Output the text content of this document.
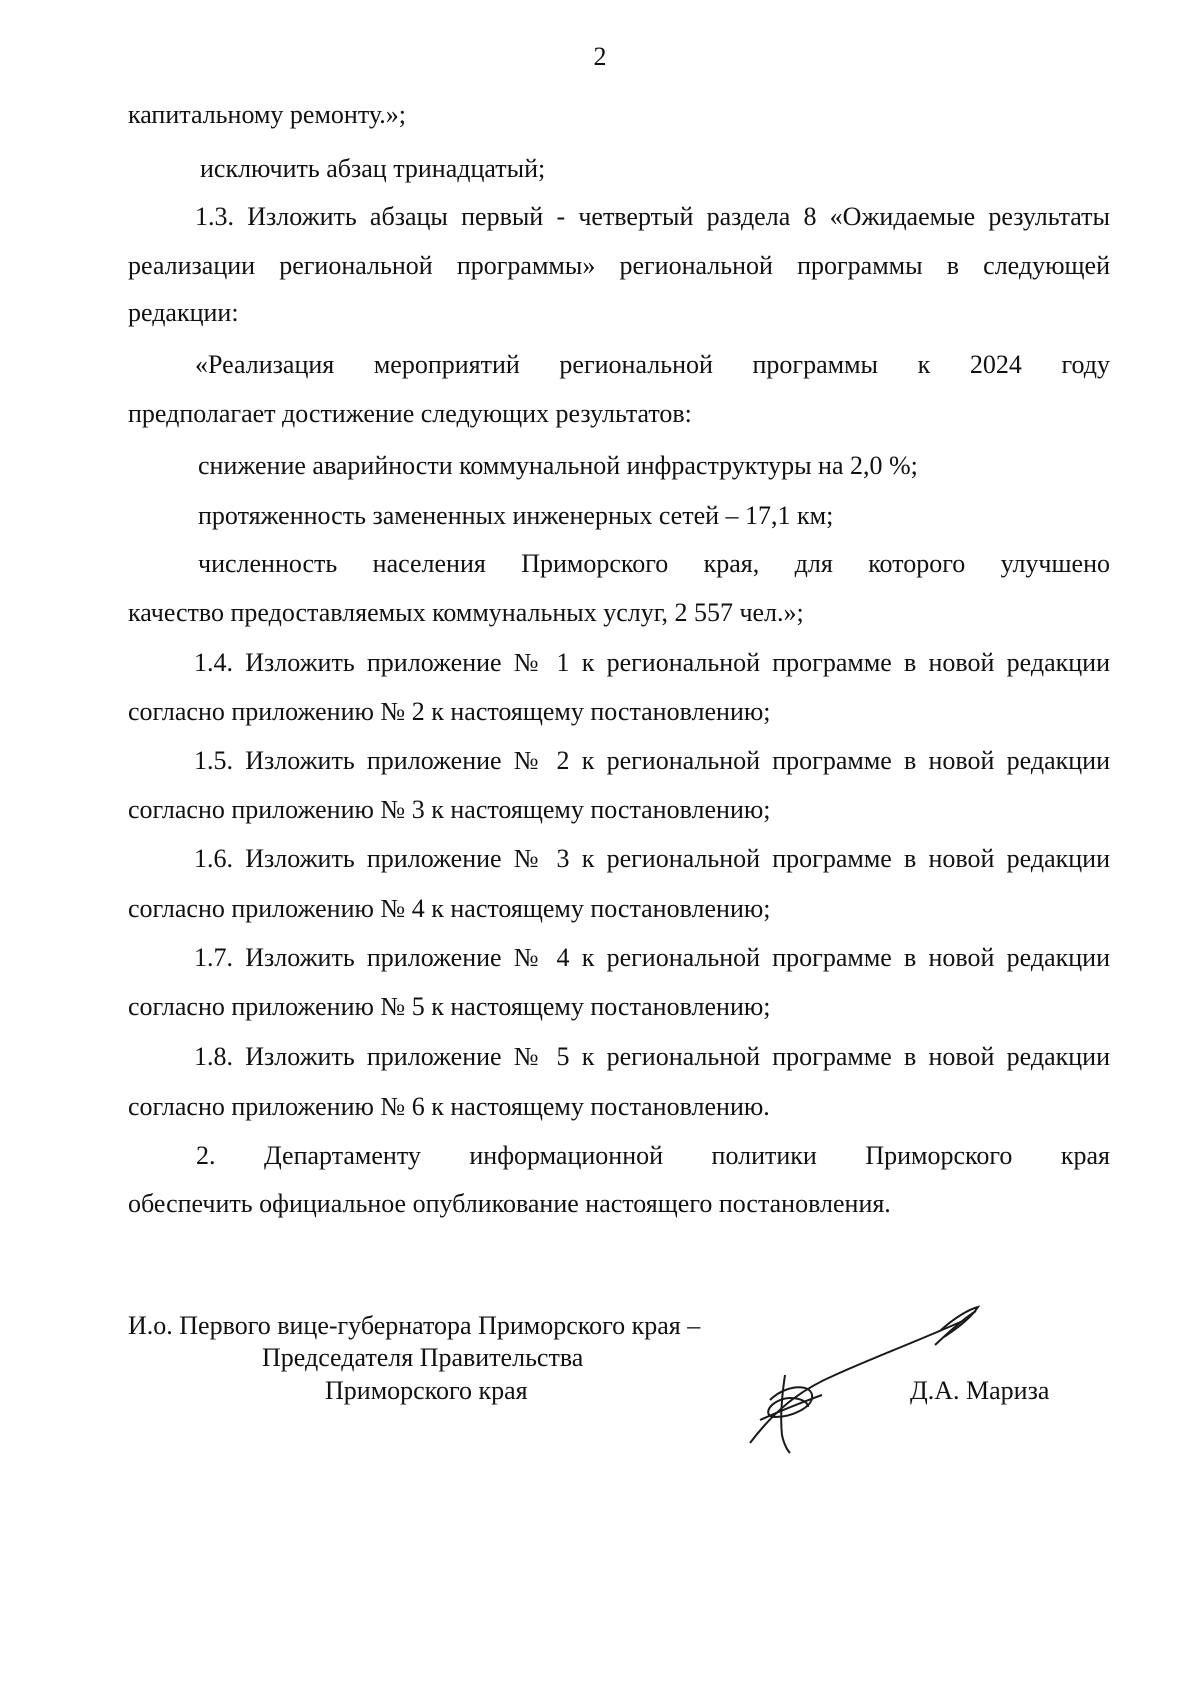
2
капитальному ремонту.»;
исключить абзац тринадцатый;
1.3. Изложить абзацы первый - четвертый раздела 8 «Ожидаемые результаты
реализации региональной программы» региональной программы в следующей
редакции:
«Реализация мероприятий региональной программы к 2024 году
предполагает достижение следующих результатов:
снижение аварийности коммунальной инфраструктуры на 2,0 %;
протяженность замененных инженерных сетей – 17,1 км;
численность населения Приморского края, для которого улучшено
качество предоставляемых коммунальных услуг, 2 557 чел.»;
1.4. Изложить приложение № 1 к региональной программе в новой редакции
согласно приложению № 2 к настоящему постановлению;
1.5. Изложить приложение № 2 к региональной программе в новой редакции
согласно приложению № 3 к настоящему постановлению;
1.6. Изложить приложение № 3 к региональной программе в новой редакции
согласно приложению № 4 к настоящему постановлению;
1.7. Изложить приложение № 4 к региональной программе в новой редакции
согласно приложению № 5 к настоящему постановлению;
1.8. Изложить приложение № 5 к региональной программе в новой редакции
согласно приложению № 6 к настоящему постановлению.
2. Департаменту информационной политики Приморского края
обеспечить официальное опубликование настоящего постановления.
И.о. Первого вице-губернатора Приморского края –
Председателя Правительства
Приморского края	Д.А. Мариза
